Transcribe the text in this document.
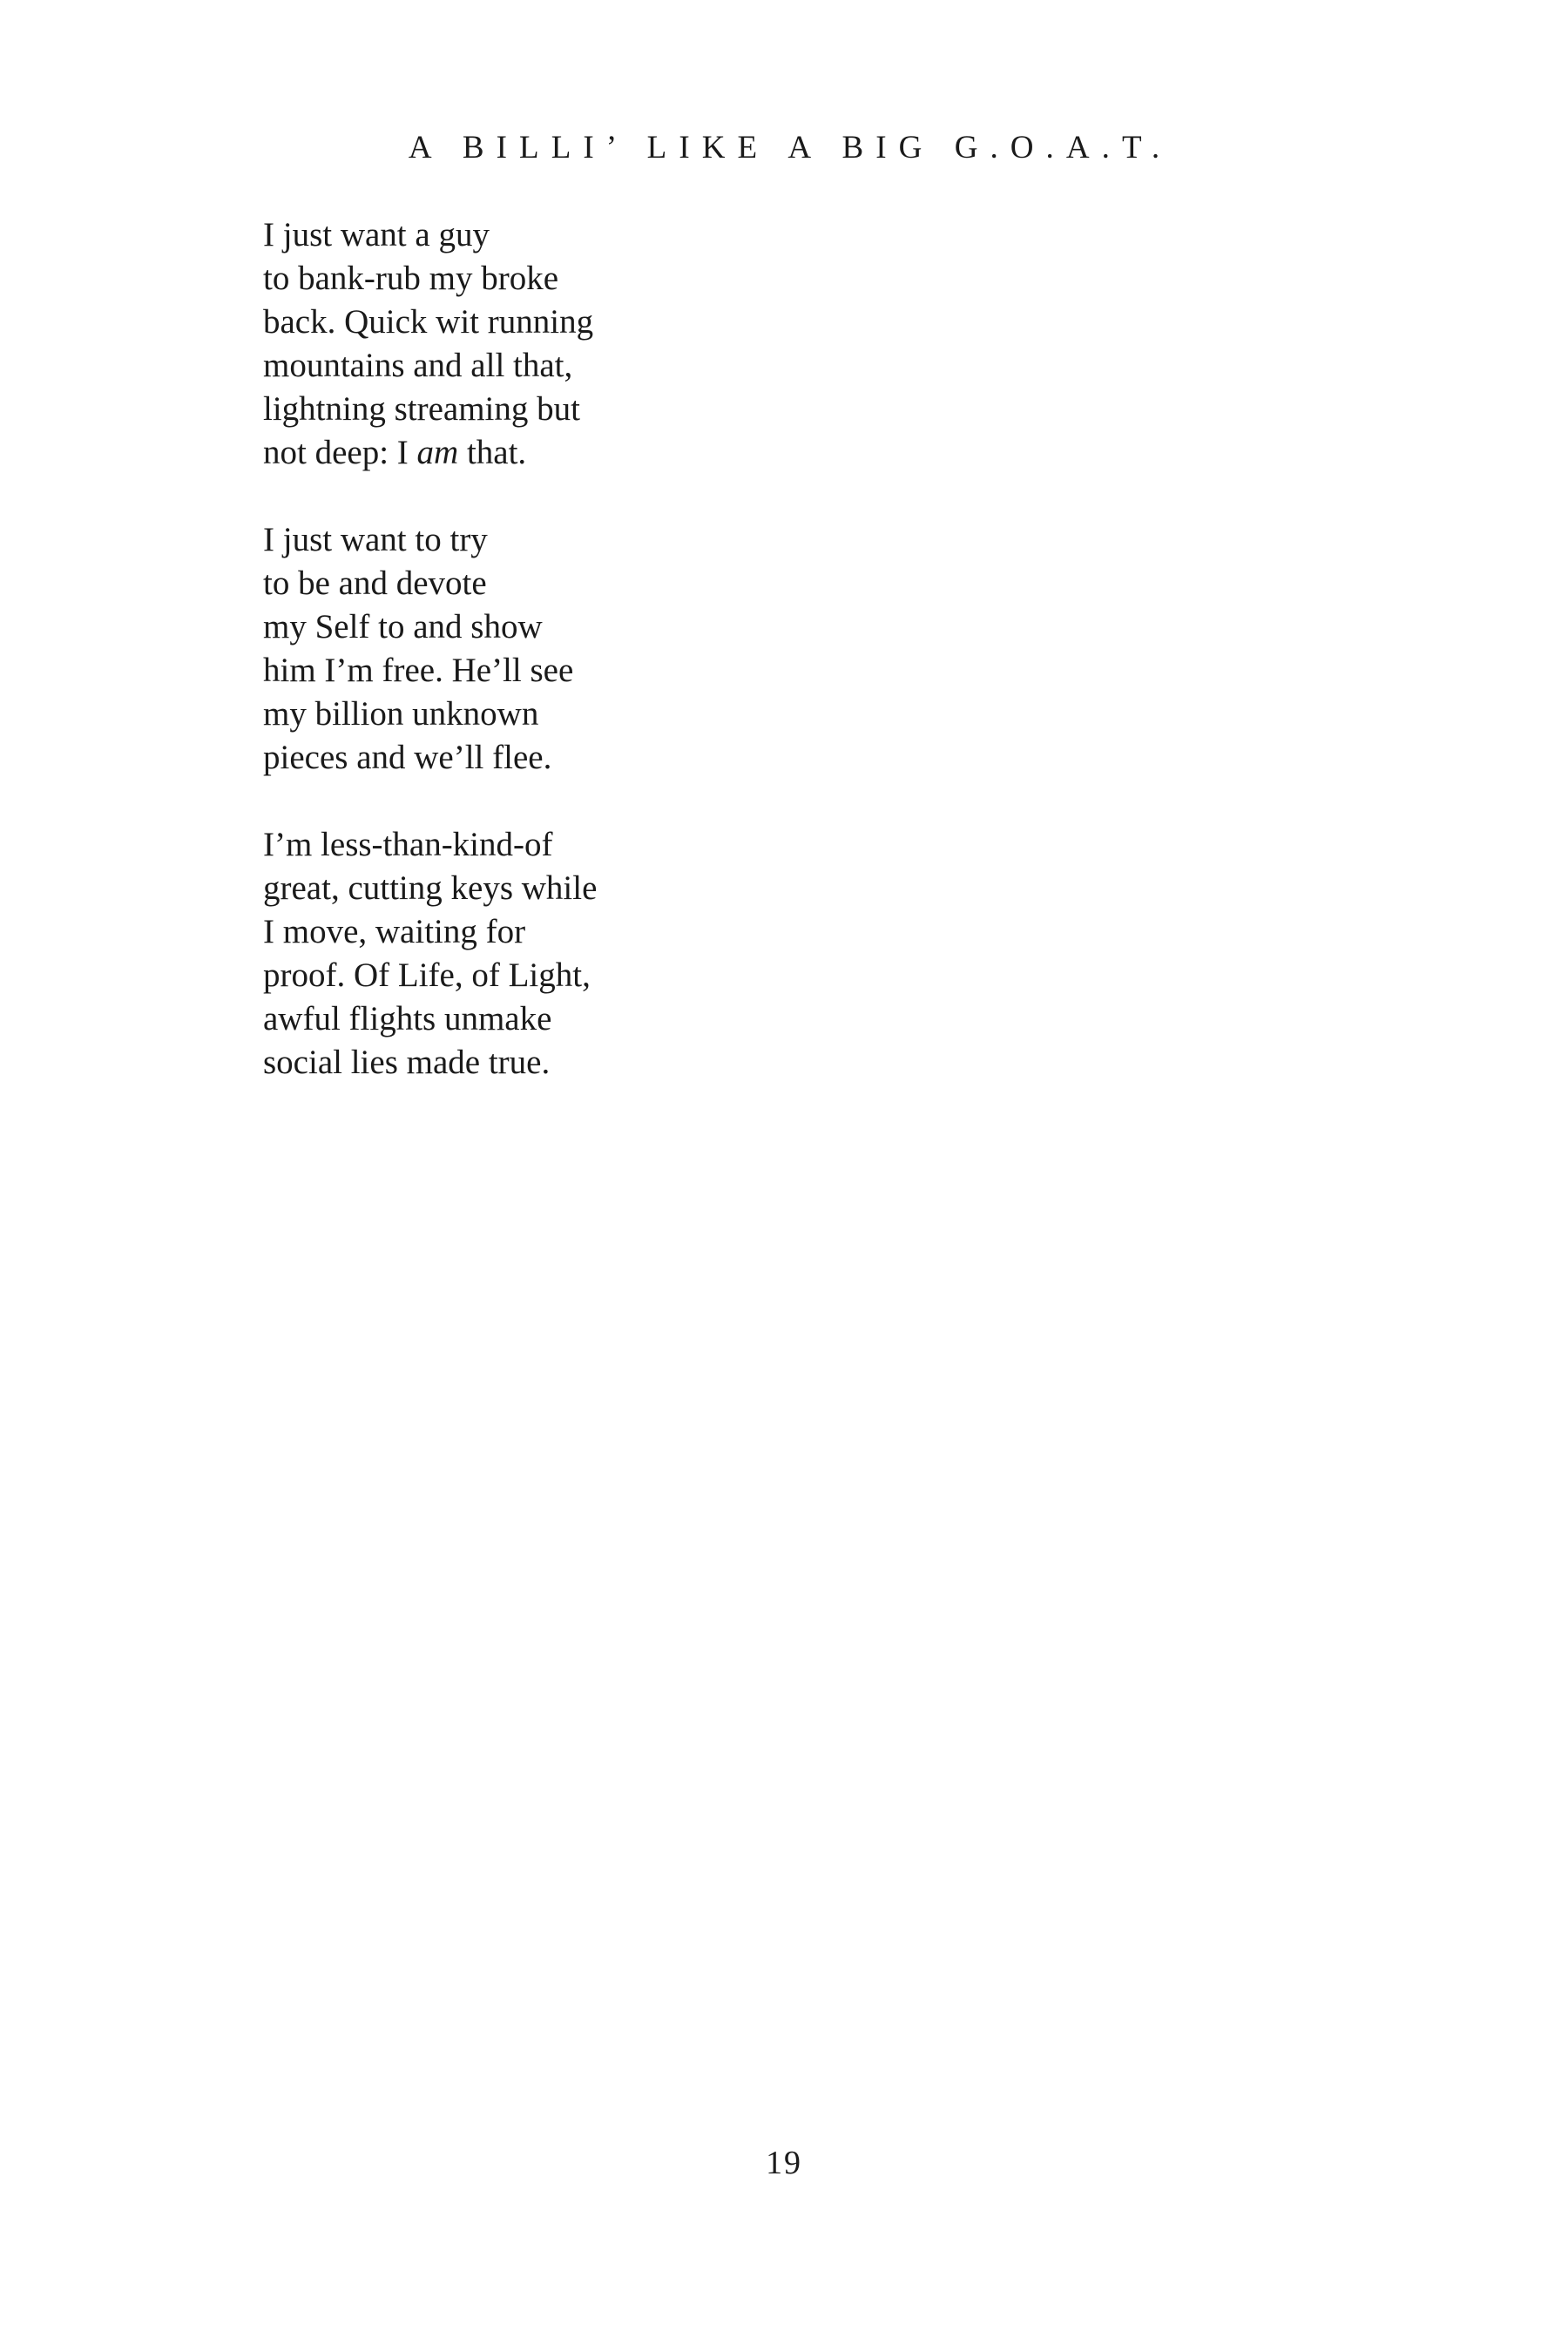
A BILLI’ LIKE A BIG G.O.A.T.
I just want a guy
to bank-rub my broke
back. Quick wit running
mountains and all that,
lightning streaming but
not deep: I am that.
I just want to try
to be and devote
my Self to and show
him I’m free. He’ll see
my billion unknown
pieces and we’ll flee.
I’m less-than-kind-of
great, cutting keys while
I move, waiting for
proof. Of Life, of Light,
awful flights unmake
social lies made true.
19
